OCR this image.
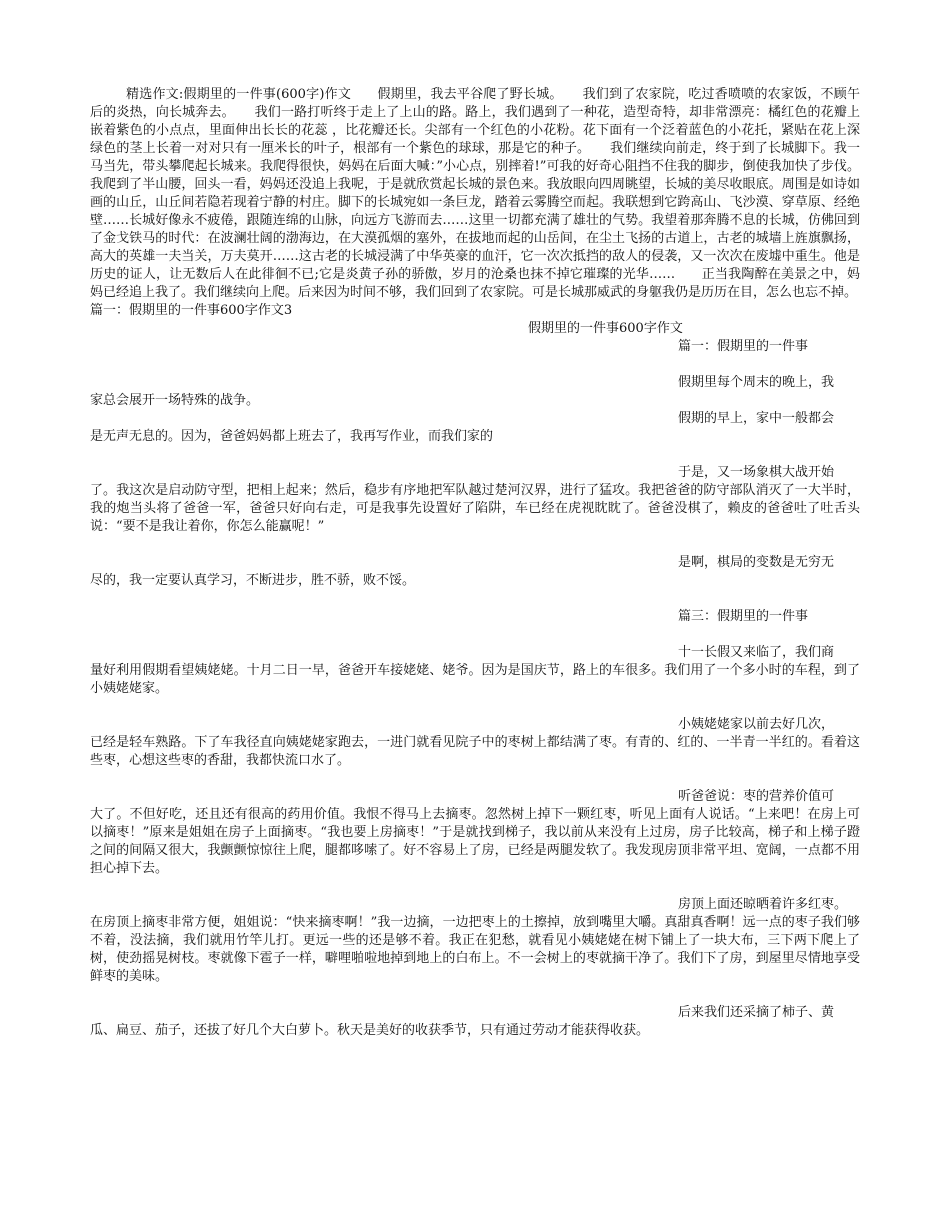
精选作文:假期里的一件事(600字)作文　　假期里，我去平谷爬了野长城。　　我们到了农家院，吃过香喷喷的农家饭，不顾午后的炎热，向长城奔去。　　我们一路打听终于走上了上山的路。路上，我们遇到了一种花，造型奇特，却非常漂亮：橘红色的花瓣上嵌着紫色的小点点，里面伸出长长的花蕊 ，比花瓣还长。尖部有一个红色的小花粉。花下面有一个泛着蓝色的小花托，紧贴在花上深绿色的茎上长着一对对只有一厘米长的叶子，根部有一个紫色的球球，那是它的种子。　　我们继续向前走，终于到了长城脚下。我一马当先，带头攀爬起长城来。我爬得很快，妈妈在后面大喊：”小心点，别摔着!”可我的好奇心阻挡不住我的脚步，倒使我加快了步伐。我爬到了半山腰，回头一看，妈妈还没追上我呢，于是就欣赏起长城的景色来。我放眼向四周眺望，长城的美尽收眼底。周围是如诗如画的山丘，山丘间若隐若现着宁静的村庄。脚下的长城宛如一条巨龙，踏着云雾腾空而起。我联想到它跨高山、飞沙漠、穿草原、经绝壁……长城好像永不疲倦，跟随连绵的山脉，向远方飞游而去……这里一切都充满了雄壮的气势。我望着那奔腾不息的长城，仿佛回到了金戈铁马的时代：在波澜壮阔的渤海边，在大漠孤烟的塞外，在拔地而起的山岳间，在尘土飞扬的古道上，古老的城墙上旌旗飘扬，高大的英雄一夫当关，万夫莫开……这古老的长城浸满了中华英豪的血汗，它一次次抵挡的敌人的侵袭，又一次次在废墟中重生。他是历史的证人，让无数后人在此徘徊不已;它是炎黄子孙的骄傲，岁月的沧桑也抹不掉它璀璨的光华……　　正当我陶醉在美景之中，妈妈已经追上我了。我们继续向上爬。后来因为时间不够，我们回到了农家院。可是长城那威武的身躯我仍是历历在目，怎么也忘不掉。

篇一：假期里的一件事600字作文3

假期里的一件事600字作文

篇一：假期里的一件事

假期里每个周末的晚上，我
家总会展开一场特殊的战争。

假期的早上，家中一般都会
是无声无息的。因为，爸爸妈妈都上班去了，我再写作业，而我们家的

于是，又一场象棋大战开始
了。我这次是启动防守型，把相上起来；然后，稳步有序地把军队越过楚河汉界，进行了猛攻。我把爸爸的防守部队消灭了一大半时，我的炮当头将了爸爸一军，爸爸只好向右走，可是我事先设置好了陷阱，车已经在虎视眈眈了。爸爸没棋了，赖皮的爸爸吐了吐舌头说：“要不是我让着你，你怎么能赢呢！”

是啊，棋局的变数是无穷无
尽的，我一定要认真学习，不断进步，胜不骄，败不馁。

篇三：假期里的一件事

十一长假又来临了，我们商
量好利用假期看望姨姥姥。十月二日一早，爸爸开车接姥姥、姥爷。因为是国庆节，路上的车很多。我们用了一个多小时的车程，到了小姨姥姥家。

小姨姥姥家以前去好几次，
已经是轻车熟路。下了车我径直向姨姥姥家跑去，一进门就看见院子中的枣树上都结满了枣。有青的、红的、一半青一半红的。看着这些枣，心想这些枣的香甜，我都快流口水了。

听爸爸说：枣的营养价值可
大了。不但好吃，还且还有很高的药用价值。我恨不得马上去摘枣。忽然树上掉下一颗红枣，听见上面有人说话。“上来吧！在房上可以摘枣！”原来是姐姐在房子上面摘枣。“我也要上房摘枣！”于是就找到梯子，我以前从来没有上过房，房子比较高，梯子和上梯子蹬之间的间隔又很大，我颤颤惊惊往上爬，腿都哆嗦了。好不容易上了房，已经是两腿发软了。我发现房顶非常平坦、宽阔，一点都不用担心掉下去。

房顶上面还晾晒着许多红枣。
在房顶上摘枣非常方便，姐姐说：“快来摘枣啊！”我一边摘，一边把枣上的土擦掉，放到嘴里大嚼。真甜真香啊！远一点的枣子我们够不着，没法摘，我们就用竹竿儿打。更远一些的还是够不着。我正在犯愁，就看见小姨姥姥在树下铺上了一块大布，三下两下爬上了树，使劲摇晃树枝。枣就像下雹子一样，噼哩啪啦地掉到地上的白布上。不一会树上的枣就摘干净了。我们下了房，到屋里尽情地享受鲜枣的美味。

后来我们还采摘了柿子、黄
瓜、扁豆、茄子，还拔了好几个大白萝卜。秋天是美好的收获季节，只有通过劳动才能获得收获。
